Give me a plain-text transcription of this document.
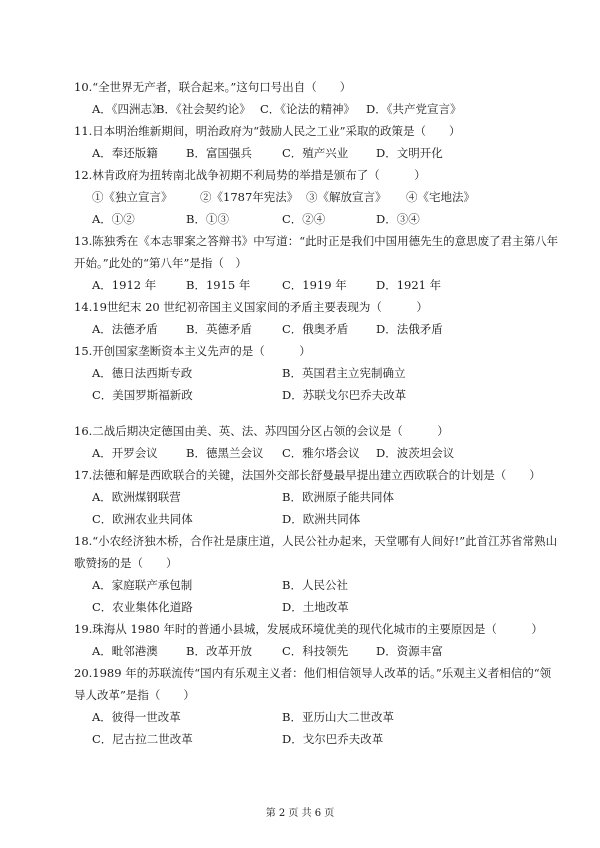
10.“全世界无产者，联合起来。”这句口号出自（　　）
A．《四洲志》
B．《社会契约论》 C．《论法的精神》 D．《共产党宣言》
11.日本明治维新期间，明治政府为“鼓励人民之工业”采取的政策是（　　）
A．奉还版籍 B．富国强兵	C．殖产兴业 D．文明开化
12.林肯政府为扭转南北战争初期不利局势的举措是颁布了（　　　）
①《独立宣言》 ②《1787年宪法》 ③《解放宣言》 ④《宅地法》
A．①②	B．①③	C．②④	D．③④
13.陈独秀在《本志罪案之答辩书》中写道：“此时正是我们中国用德先生的意思废了君主第八年
开始。”此处的“第八年”是指（　）
A．1912 年	B．1915 年	C．1919 年	D．1921 年
14.19世纪末 20 世纪初帝国主义国家间的矛盾主要表现为（　　　）
A．法德矛盾 B．英德矛盾	C．俄奥矛盾 D．法俄矛盾
15.开创国家垄断资本主义先声的是（　　　）
A．德日法西斯专政	B．英国君主立宪制确立
C．美国罗斯福新政	D．苏联戈尔巴乔夫改革
16.二战后期决定德国由美、英、法、苏四国分区占领的会议是（　　　）
A．开罗会议 B．德黑兰会议 C．雅尔塔会议 D．波茨坦会议
17.法德和解是西欧联合的关键，法国外交部长舒曼最早提出建立西欧联合的计划是（　　）
A．欧洲煤钢联营	B．欧洲原子能共同体
C．欧洲农业共同体	D．欧洲共同体
18.“小农经济独木桥，合作社是康庄道，人民公社办起来，天堂哪有人间好!”此首江苏省常熟山
歌赞扬的是（　　）
A．家庭联产承包制	B．人民公社
C．农业集体化道路	D．土地改革
19.珠海从 1980 年时的普通小县城，发展成环境优美的现代化城市的主要原因是（　　　）
A．毗邻港澳 B．改革开放	C．科技领先 D．资源丰富
20.1989 年的苏联流传“国内有乐观主义者：他们相信领导人改革的话。”乐观主义者相信的“领
导人改革”是指（　　）
A．彼得一世改革	B．亚历山大二世改革
C．尼古拉二世改革	D．戈尔巴乔夫改革
第 2 页 共 6 页
